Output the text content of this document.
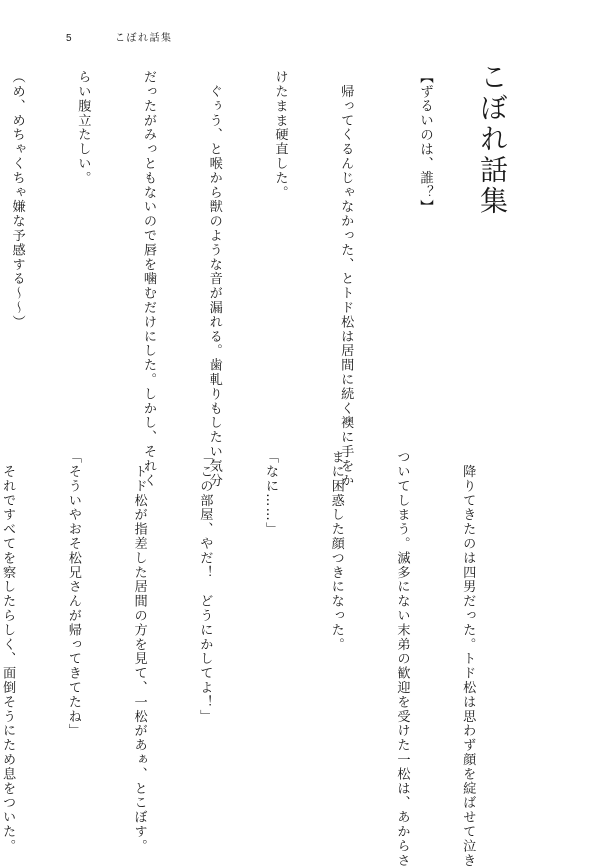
5	こぼれ話集
こぼれ話集
【ずるいのは、誰？】

　帰ってくるんじゃなかった、とトド松は居間に続く襖に手をか

けたまま硬直した。

　ぐぅう、と喉から獣のような音が漏れる。歯軋りもしたい気分

だったがみっともないので唇を噛むだけにした。しかし、それく

らい腹立たしい。

（め、めちゃくちゃ嫌な予感する〜〜）

　降りてきたのは四男だった。トド松は思わず顔を綻ばせて泣き

ついてしまう。滅多にない末弟の歓迎を受けた一松は、あからさ

まに困惑した顔つきになった。

「なに……」

「この部屋、やだ！　どうにかしてよ！」

　トド松が指差した居間の方を見て、一松があぁ、とこぼす。

「そういやおそ松兄さんが帰ってきてたね」

　それですべてを察したらしく、面倒そうにため息をついた。
